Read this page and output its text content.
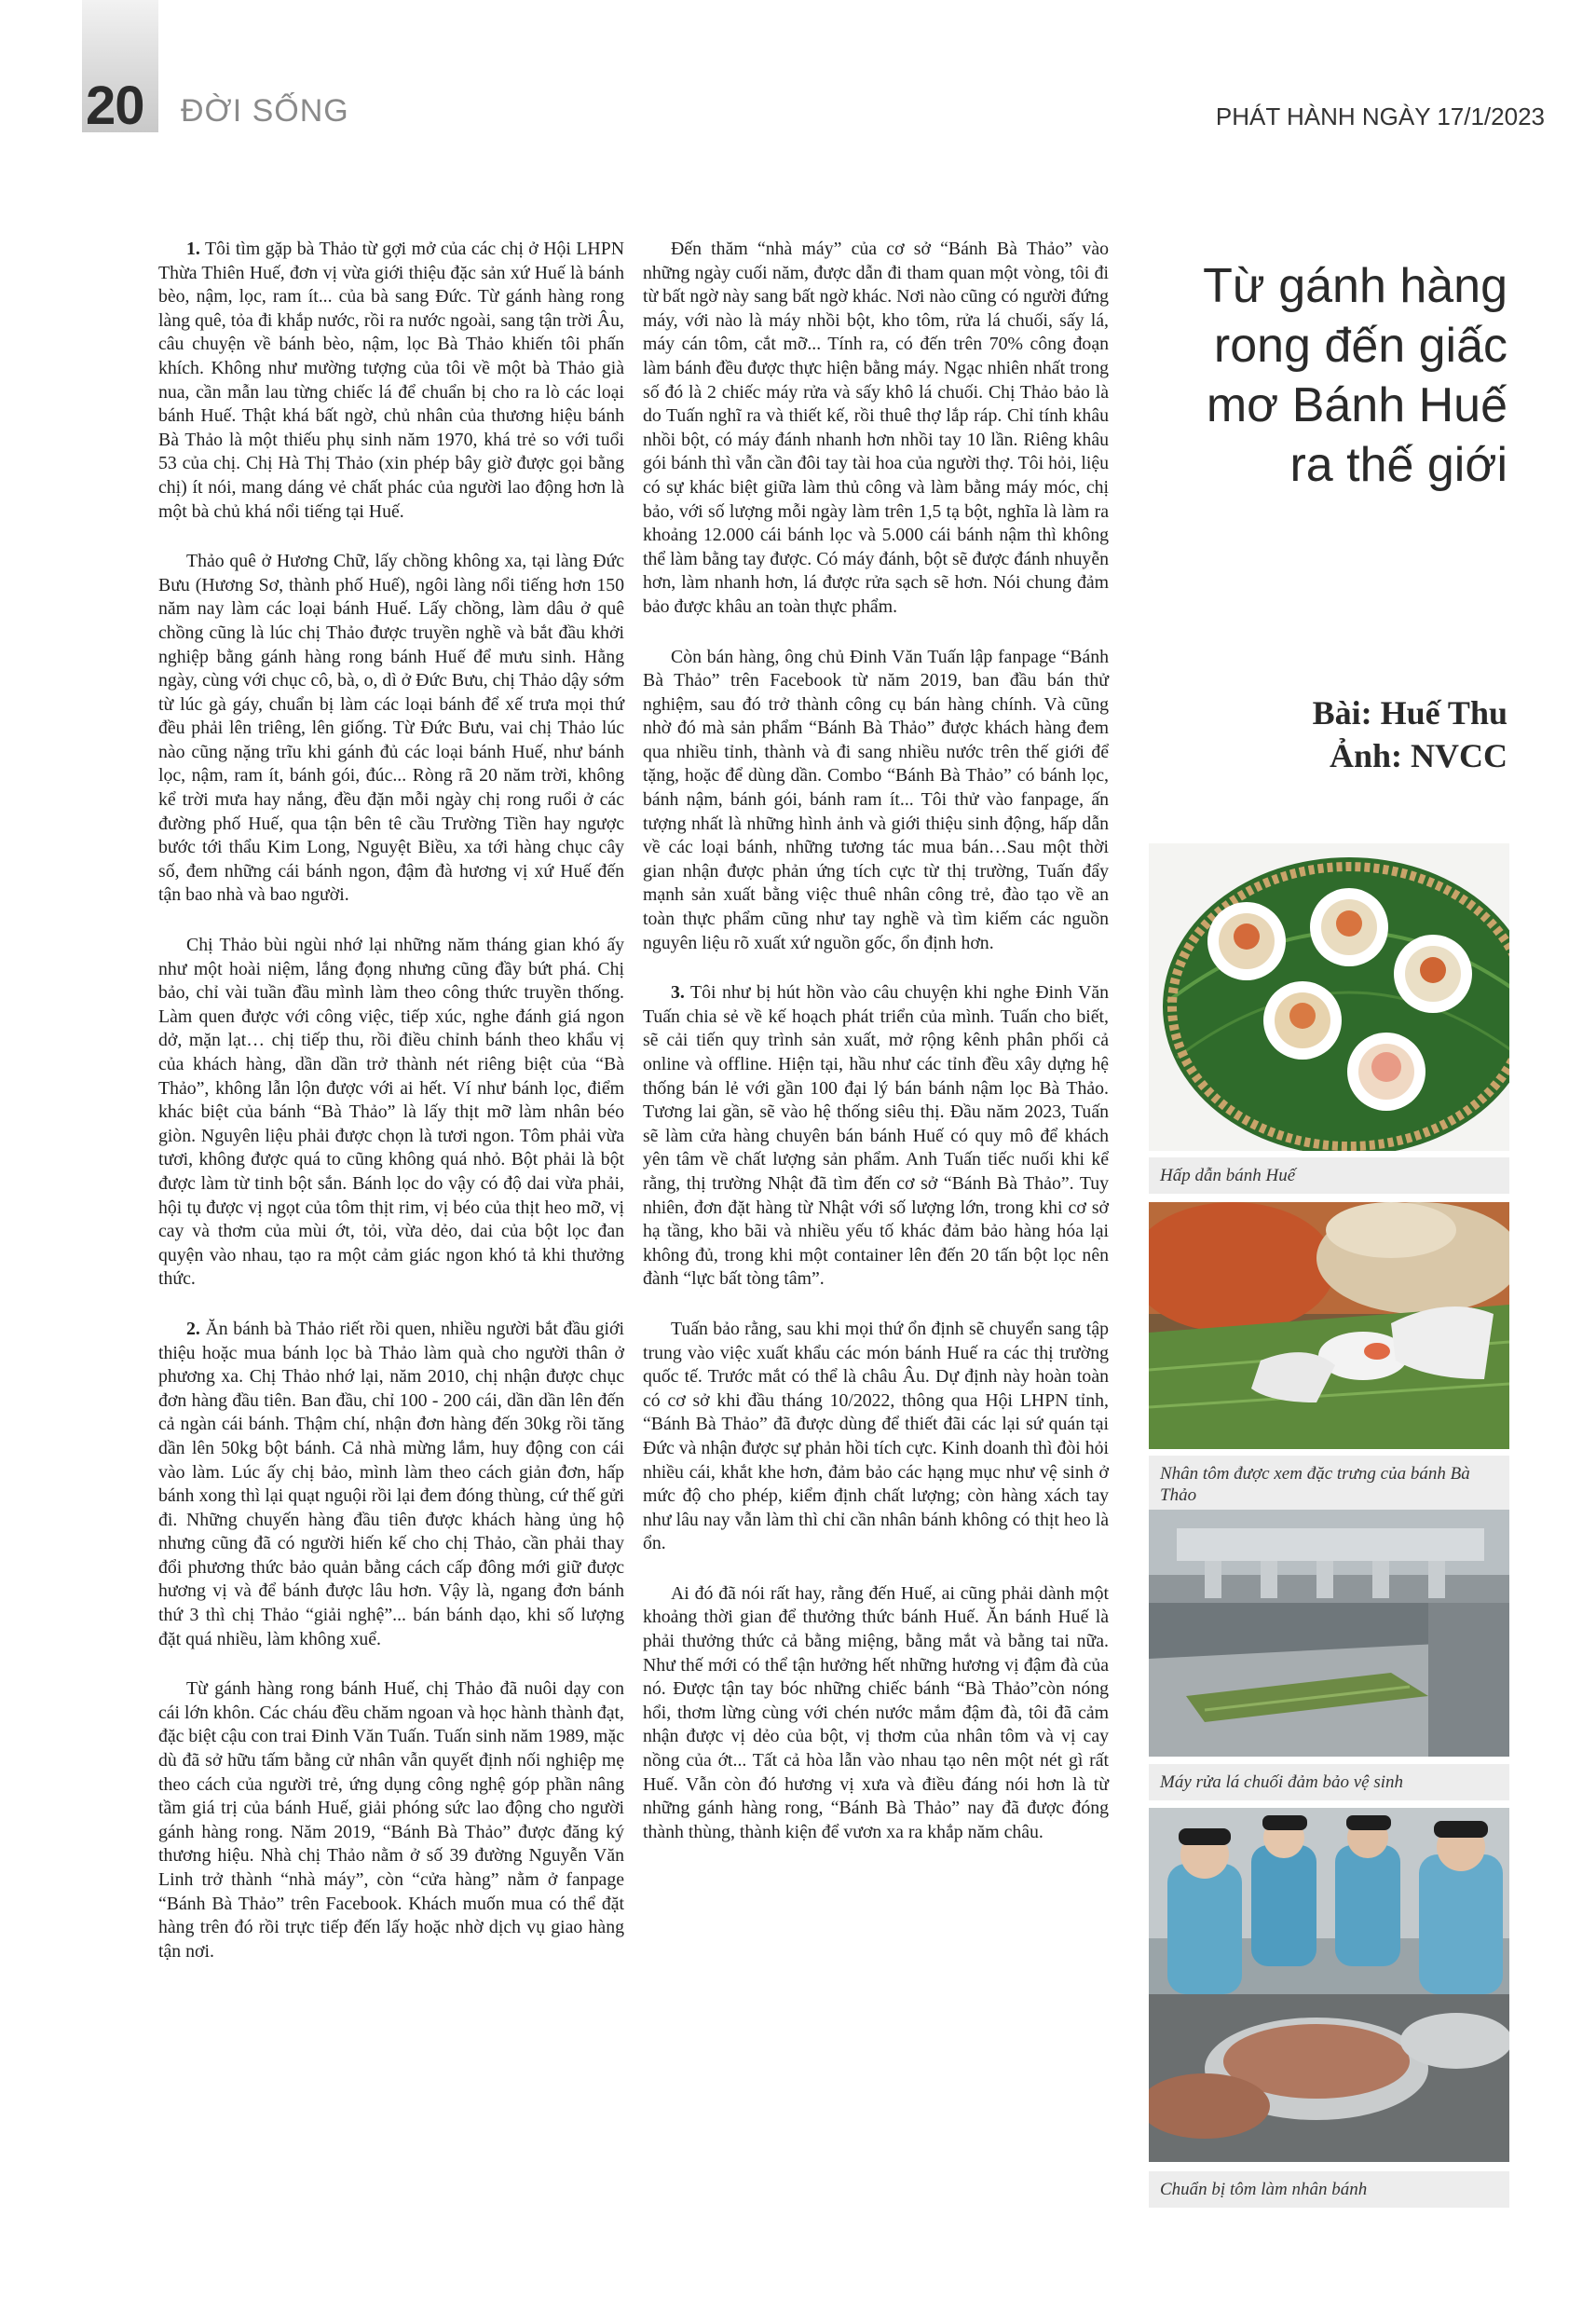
20 ĐỜI SỐNG	PHÁT HÀNH NGÀY 17/1/2023

1. Tôi tìm gặp bà Thảo từ gợi mở của các chị ở Hội LHPN Thừa Thiên Huế, đơn vị vừa giới thiệu đặc sản xứ Huế là bánh bèo, nậm, lọc, ram ít... của bà sang Đức. Từ gánh hàng rong làng quê, tỏa đi khắp nước, rồi ra nước ngoài, sang tận trời Âu, câu chuyện về bánh bèo, nậm, lọc Bà Thảo khiến tôi phấn khích. Không như mường tượng của tôi về một bà Thảo già nua, cần mẫn lau từng chiếc lá để chuẩn bị cho ra lò các loại bánh Huế. Thật khá bất ngờ, chủ nhân của thương hiệu bánh Bà Thảo là một thiếu phụ sinh năm 1970, khá trẻ so với tuổi 53 của chị. Chị Hà Thị Thảo (xin phép bây giờ được gọi bằng chị) ít nói, mang dáng vẻ chất phác của người lao động hơn là một bà chủ khá nổi tiếng tại Huế.

Thảo quê ở Hương Chữ, lấy chồng không xa, tại làng Đức Bưu (Hương Sơ, thành phố Huế), ngôi làng nổi tiếng hơn 150 năm nay làm các loại bánh Huế. Lấy chồng, làm dâu ở quê chồng cũng là lúc chị Thảo được truyền nghề và bắt đầu khởi nghiệp bằng gánh hàng rong bánh Huế để mưu sinh. Hằng ngày, cùng với chục cô, bà, o, dì ở Đức Bưu, chị Thảo dậy sớm từ lúc gà gáy, chuẩn bị làm các loại bánh để xế trưa mọi thứ đều phải lên triêng, lên giống. Từ Đức Bưu, vai chị Thảo lúc nào cũng nặng trĩu khi gánh đủ các loại bánh Huế, như bánh lọc, nậm, ram ít, bánh gói, đúc... Ròng rã 20 năm trời, không kể trời mưa hay nắng, đều đặn mỗi ngày chị rong ruổi ở các đường phố Huế, qua tận bên tê cầu Trường Tiền hay ngược bước tới thẩu Kim Long, Nguyệt Biều, xa tới hàng chục cây số, đem những cái bánh ngon, đậm đà hương vị xứ Huế đến tận bao nhà và bao người.

Chị Thảo bùi ngùi nhớ lại những năm tháng gian khó ấy như một hoài niệm, lắng đọng nhưng cũng đầy bứt phá. Chị bảo, chỉ vài tuần đầu mình làm theo công thức truyền thống. Làm quen được với công việc, tiếp xúc, nghe đánh giá ngon dở, mặn lạt… chị tiếp thu, rồi điều chỉnh bánh theo khẩu vị của khách hàng, dần dần trở thành nét riêng biệt của “Bà Thảo”, không lẫn lộn được với ai hết. Ví như bánh lọc, điểm khác biệt của bánh “Bà Thảo” là lấy thịt mỡ làm nhân béo giòn. Nguyên liệu phải được chọn là tươi ngon. Tôm phải vừa tươi, không được quá to cũng không quá nhỏ. Bột phải là bột được làm từ tinh bột sắn. Bánh lọc do vậy có độ dai vừa phải, hội tụ được vị ngọt của tôm thịt rim, vị béo của thịt heo mỡ, vị cay và thơm của mùi ớt, tỏi, vừa dẻo, dai của bột lọc đan quyện vào nhau, tạo ra một cảm giác ngon khó tả khi thưởng thức.

2. Ăn bánh bà Thảo riết rồi quen, nhiều người bắt đầu giới thiệu hoặc mua bánh lọc bà Thảo làm quà cho người thân ở phương xa. Chị Thảo nhớ lại, năm 2010, chị nhận được chục đơn hàng đầu tiên. Ban đầu, chỉ 100 - 200 cái, dần dần lên đến cả ngàn cái bánh. Thậm chí, nhận đơn hàng đến 30kg rồi tăng dần lên 50kg bột bánh. Cả nhà mừng lắm, huy động con cái vào làm. Lúc ấy chị bảo, mình làm theo cách giản đơn, hấp bánh xong thì lại quạt nguội rồi lại đem đóng thùng, cứ thế gửi đi. Những chuyến hàng đầu tiên được khách hàng ủng hộ nhưng cũng đã có người hiến kế cho chị Thảo, cần phải thay đổi phương thức bảo quản bằng cách cấp đông mới giữ được hương vị và để bánh được lâu hơn. Vậy là, ngang đơn bánh thứ 3 thì chị Thảo “giải nghệ”... bán bánh dạo, khi số lượng đặt quá nhiều, làm không xuể.

Từ gánh hàng rong bánh Huế, chị Thảo đã nuôi dạy con cái lớn khôn. Các cháu đều chăm ngoan và học hành thành đạt, đặc biệt cậu con trai Đinh Văn Tuấn. Tuấn sinh năm 1989, mặc dù đã sở hữu tấm bằng cử nhân vẫn quyết định nối nghiệp mẹ theo cách của người trẻ, ứng dụng công nghệ góp phần nâng tầm giá trị của bánh Huế, giải phóng sức lao động cho người gánh hàng rong. Năm 2019, “Bánh Bà Thảo” được đăng ký thương hiệu. Nhà chị Thảo nằm ở số 39 đường Nguyễn Văn Linh trở thành “nhà máy”, còn “cửa hàng” nằm ở fanpage “Bánh Bà Thảo” trên Facebook. Khách muốn mua có thể đặt hàng trên đó rồi trực tiếp đến lấy hoặc nhờ dịch vụ giao hàng tận nơi.

Đến thăm “nhà máy” của cơ sở “Bánh Bà Thảo” vào những ngày cuối năm, được dẫn đi tham quan một vòng, tôi đi từ bất ngờ này sang bất ngờ khác. Nơi nào cũng có người đứng máy, với nào là máy nhồi bột, kho tôm, rửa lá chuối, sấy lá, máy cán tôm, cắt mỡ... Tính ra, có đến trên 70% công đoạn làm bánh đều được thực hiện bằng máy. Ngạc nhiên nhất trong số đó là 2 chiếc máy rửa và sấy khô lá chuối. Chị Thảo bảo là do Tuấn nghĩ ra và thiết kế, rồi thuê thợ lắp ráp. Chỉ tính khâu nhồi bột, có máy đánh nhanh hơn nhồi tay 10 lần. Riêng khâu gói bánh thì vẫn cần đôi tay tài hoa của người thợ. Tôi hỏi, liệu có sự khác biệt giữa làm thủ công và làm bằng máy móc, chị bảo, với số lượng mỗi ngày làm trên 1,5 tạ bột, nghĩa là làm ra khoảng 12.000 cái bánh lọc và 5.000 cái bánh nậm thì không thể làm bằng tay được. Có máy đánh, bột sẽ được đánh nhuyễn hơn, làm nhanh hơn, lá được rửa sạch sẽ hơn. Nói chung đảm bảo được khâu an toàn thực phẩm.

Còn bán hàng, ông chủ Đinh Văn Tuấn lập fanpage “Bánh Bà Thảo” trên Facebook từ năm 2019, ban đầu bán thử nghiệm, sau đó trở thành công cụ bán hàng chính. Và cũng nhờ đó mà sản phẩm “Bánh Bà Thảo” được khách hàng đem qua nhiều tỉnh, thành và đi sang nhiều nước trên thế giới để tặng, hoặc để dùng dần. Combo “Bánh Bà Thảo” có bánh lọc, bánh nậm, bánh gói, bánh ram ít... Tôi thử vào fanpage, ấn tượng nhất là những hình ảnh và giới thiệu sinh động, hấp dẫn về các loại bánh, những tương tác mua bán…Sau một thời gian nhận được phản ứng tích cực từ thị trường, Tuấn đẩy mạnh sản xuất bằng việc thuê nhân công trẻ, đào tạo về an toàn thực phẩm cũng như tay nghề và tìm kiếm các nguồn nguyên liệu rõ xuất xứ nguồn gốc, ổn định hơn.

3. Tôi như bị hút hồn vào câu chuyện khi nghe Đinh Văn Tuấn chia sẻ về kế hoạch phát triển của mình. Tuấn cho biết, sẽ cải tiến quy trình sản xuất, mở rộng kênh phân phối cả online và offline. Hiện tại, hầu như các tỉnh đều xây dựng hệ thống bán lẻ với gần 100 đại lý bán bánh nậm lọc Bà Thảo. Tương lai gần, sẽ vào hệ thống siêu thị. Đầu năm 2023, Tuấn sẽ làm cửa hàng chuyên bán bánh Huế có quy mô để khách yên tâm về chất lượng sản phẩm. Anh Tuấn tiếc nuối khi kể rằng, thị trường Nhật đã tìm đến cơ sở “Bánh Bà Thảo”. Tuy nhiên, đơn đặt hàng từ Nhật với số lượng lớn, trong khi cơ sở hạ tầng, kho bãi và nhiều yếu tố khác đảm bảo hàng hóa lại không đủ, trong khi một container lên đến 20 tấn bột lọc nên đành “lực bất tòng tâm”.

Tuấn bảo rằng, sau khi mọi thứ ổn định sẽ chuyển sang tập trung vào việc xuất khẩu các món bánh Huế ra các thị trường quốc tế. Trước mắt có thể là châu Âu. Dự định này hoàn toàn có cơ sở khi đầu tháng 10/2022, thông qua Hội LHPN tỉnh, “Bánh Bà Thảo” đã được dùng để thiết đãi các lại sứ quán tại Đức và nhận được sự phản hồi tích cực. Kinh doanh thì đòi hỏi nhiều cái, khắt khe hơn, đảm bảo các hạng mục như vệ sinh ở mức độ cho phép, kiểm định chất lượng; còn hàng xách tay như lâu nay vẫn làm thì chỉ cần nhân bánh không có thịt heo là ổn.

Ai đó đã nói rất hay, rằng đến Huế, ai cũng phải dành một khoảng thời gian để thưởng thức bánh Huế. Ăn bánh Huế là phải thưởng thức cả bằng miệng, bằng mắt và bằng tai nữa. Như thế mới có thể tận hưởng hết những hương vị đậm đà của nó. Được tận tay bóc những chiếc bánh “Bà Thảo”còn nóng hổi, thơm lừng cùng với chén nước mắm đậm đà, tôi đã cảm nhận được vị dẻo của bột, vị thơm của nhân tôm và vị cay nồng của ớt... Tất cả hòa lẫn vào nhau tạo nên một nét gì rất Huế. Vẫn còn đó hương vị xưa và điều đáng nói hơn là từ những gánh hàng rong, “Bánh Bà Thảo” nay đã được đóng thành thùng, thành kiện để vươn xa ra khắp năm châu.

Từ gánh hàng rong đến giấc mơ Bánh Huế ra thế giới
Bài: Huế Thu
Ảnh: NVCC
Hấp dẫn bánh Huế
Nhân tôm được xem đặc trưng của bánh Bà Thảo
Máy rửa lá chuối đảm bảo vệ sinh
Chuẩn bị tôm làm nhân bánh
